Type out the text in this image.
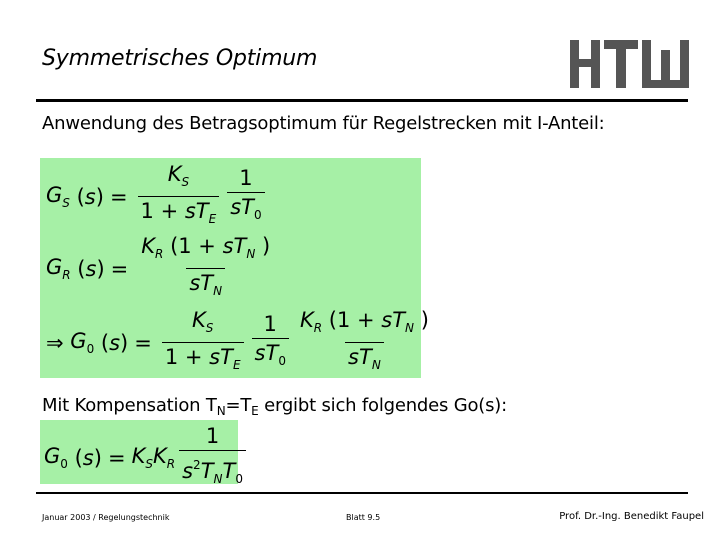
Symmetrisches Optimum
Anwendung des Betragsoptimum für Regelstrecken mit I-Anteil:
$G_S$ ( s ) = $\frac{K_S}{1 + sT_E} \frac{1}{sT_0}$
$G_R$ ( s ) = $\frac{K_R (1 + sT_N )}{sT_N}$
⇒ $G_0$ ( s ) = $\frac{K_S}{1 + sT_E} \frac{1}{sT_0} \frac{K_R (1 + sT_N )}{sT_N}$
Mit Kompensation $T_N=T_E$ ergibt sich folgendes Go(s):
$G_0$ ( s ) = $K_SK_R \frac{1}{s^2T_NT_0}$
Januar 2003 / Regelungstechnik	Blatt 9.5	Prof. Dr.-Ing. Benedikt Faupel
